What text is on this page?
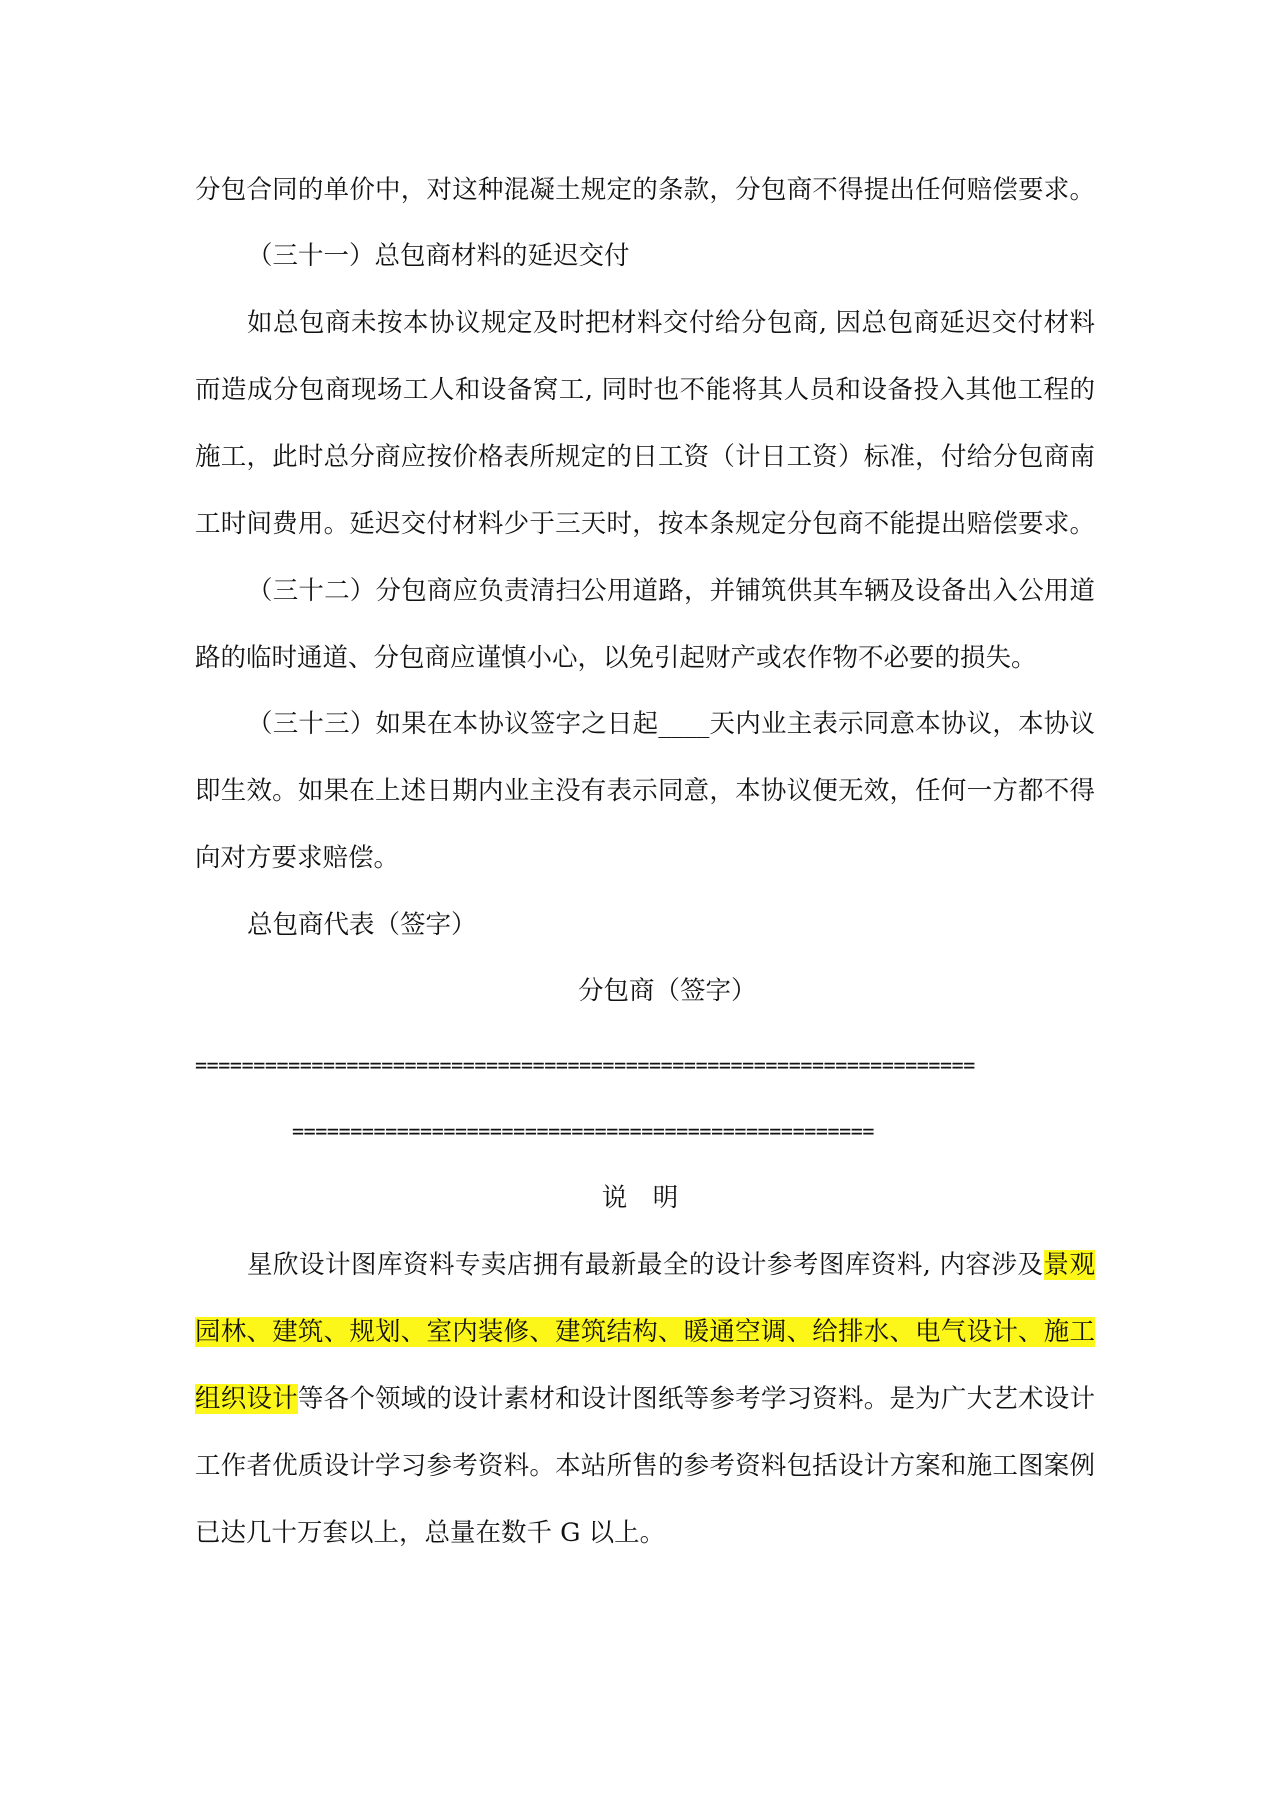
分包合同的单价中，对这种混凝土规定的条款，分包商不得提出任何赔偿要求。
（三十一）总包商材料的延迟交付
如总包商未按本协议规定及时把材料交付给分包商, 因总包商延迟交付材料
而造成分包商现场工人和设备窝工, 同时也不能将其人员和设备投入其他工程的
施工，此时总分商应按价格表所规定的日工资（计日工资）标准，付给分包商南
工时间费用。延迟交付材料少于三天时，按本条规定分包商不能提出赔偿要求。
（三十二）分包商应负责清扫公用道路，并铺筑供其车辆及设备出入公用道
路的临时通道、分包商应谨慎小心，以免引起财产或农作物不必要的损失。
（三十三）如果在本协议签字之日起____天内业主表示同意本协议，本协议
即生效。如果在上述日期内业主没有表示同意，本协议便无效，任何一方都不得
向对方要求赔偿。
总包商代表（签字）
分包商（签字）
===================================================================
==================================================
说　明
星欣设计图库资料专卖店拥有最新最全的设计参考图库资料, 内容涉及景观
园林、建筑、规划、室内装修、建筑结构、暖通空调、给排水、电气设计、施工
组织设计等各个领域的设计素材和设计图纸等参考学习资料。是为广大艺术设计
工作者优质设计学习参考资料。本站所售的参考资料包括设计方案和施工图案例
已达几十万套以上，总量在数千 G 以上。
